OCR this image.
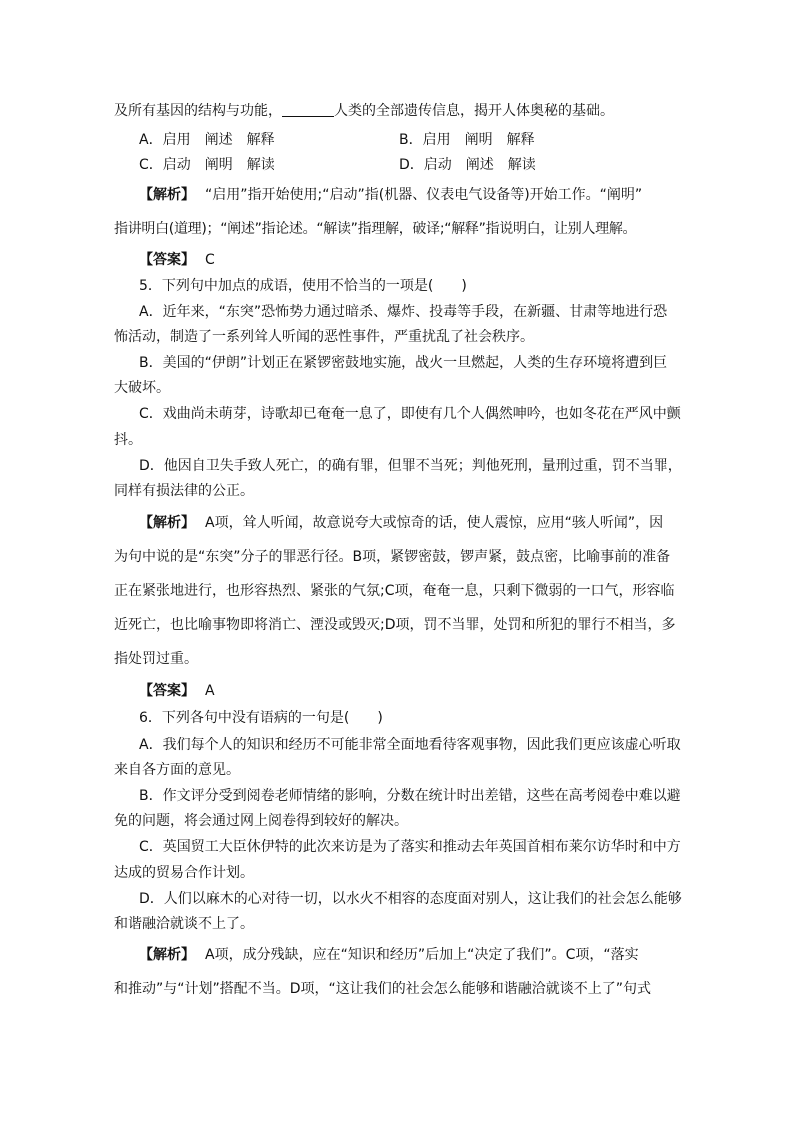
及所有基因的结构与功能，	人类的全部遗传信息，揭开人体奥秘的基础。
A．启用　阐述　解释	B．启用　阐明　解释
C．启动　阐明　解读	D．启动　阐述　解读
【解析】 “启用”指开始使用;“启动”指(机器、仪表电气设备等)开始工作。“阐明”
指讲明白(道理)；“阐述”指论述。“解读”指理解，破译;“解释”指说明白，让别人理解。
【答案】 C
5．下列句中加点的成语，使用不恰当的一项是(　　)
A．近年来，“东突”恐怖势力通过暗杀、爆炸、投毒等手段，在新疆、甘肃等地进行恐
怖活动，制造了一系列耸人听闻的恶性事件，严重扰乱了社会秩序。
B．美国的“伊朗”计划正在紧锣密鼓地实施，战火一旦燃起，人类的生存环境将遭到巨
大破坏。
C．戏曲尚未萌芽，诗歌却已奄奄一息了，即使有几个人偶然呻吟，也如冬花在严风中颤
抖。
D．他因自卫失手致人死亡，的确有罪，但罪不当死；判他死刑，量刑过重，罚不当罪，
同样有损法律的公正。
【解析】 A项，耸人听闻，故意说夸大或惊奇的话，使人震惊，应用“骇人听闻”，因
为句中说的是“东突”分子的罪恶行径。B项，紧锣密鼓，锣声紧，鼓点密，比喻事前的准备
正在紧张地进行，也形容热烈、紧张的气氛;C项，奄奄一息，只剩下微弱的一口气，形容临
近死亡，也比喻事物即将消亡、湮没或毁灭;D项，罚不当罪，处罚和所犯的罪行不相当，多
指处罚过重。
【答案】 A
6．下列各句中没有语病的一句是(　　)
A．我们每个人的知识和经历不可能非常全面地看待客观事物，因此我们更应该虚心听取
来自各方面的意见。
B．作文评分受到阅卷老师情绪的影响，分数在统计时出差错，这些在高考阅卷中难以避
免的问题，将会通过网上阅卷得到较好的解决。
C．英国贸工大臣休伊特的此次来访是为了落实和推动去年英国首相布莱尔访华时和中方
达成的贸易合作计划。
D．人们以麻木的心对待一切，以水火不相容的态度面对别人，这让我们的社会怎么能够
和谐融洽就谈不上了。
【解析】 A项，成分残缺，应在“知识和经历”后加上“决定了我们”。C项，“落实
和推动”与“计划”搭配不当。D项，“这让我们的社会怎么能够和谐融洽就谈不上了”句式
